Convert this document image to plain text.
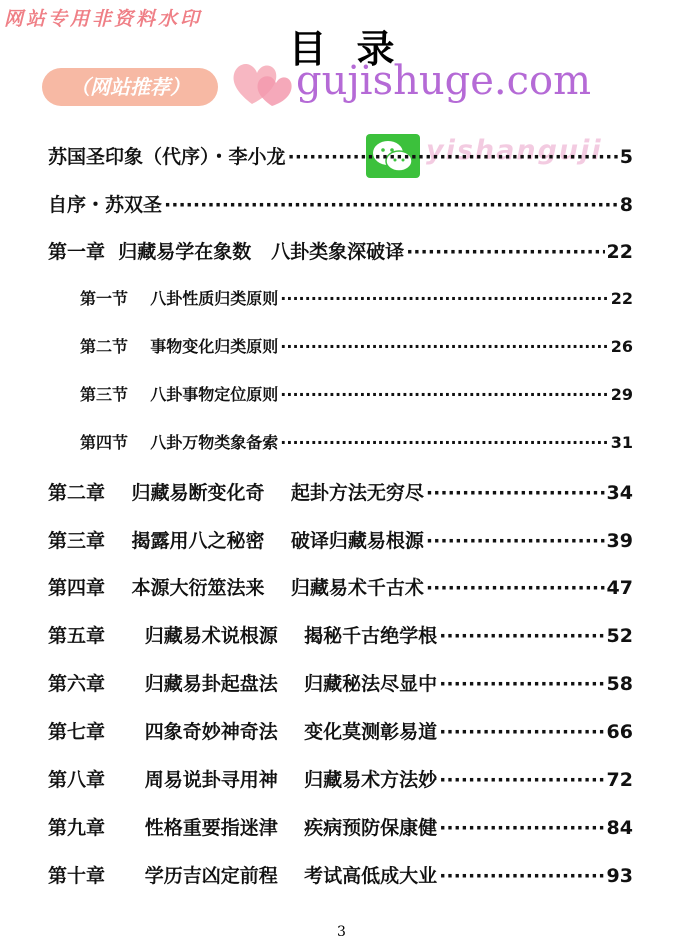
网站专用非资料水印
目录
（网站推荐）	gujishuge.com
yishanguji
苏国圣印象（代序）・李小龙 ·····	5
自序・苏双圣 ·····	8
第一章  归藏易学在象数   八卦类象深破译 ·····	22
第一节    八卦性质归类原则 ·····	22
第二节    事物变化归类原则 ·····	26
第三节    八卦事物定位原则 ·····	29
第四节    八卦万物类象备索 ·····	31
第二章    归藏易断变化奇    起卦方法无穷尽 ·····	34
第三章    揭露用八之秘密    破译归藏易根源 ·····	39
第四章    本源大衍筮法来    归藏易术千古术 ·····	47
第五章      归藏易术说根源    揭秘千古绝学根 ·····	52
第六章      归藏易卦起盘法    归藏秘法尽显中 ·····	58
第七章      四象奇妙神奇法    变化莫测彰易道 ·····	66
第八章      周易说卦寻用神    归藏易术方法妙 ·····	72
第九章      性格重要指迷津    疾病预防保康健 ·····	84
第十章      学历吉凶定前程    考试高低成大业 ·····	93
3
